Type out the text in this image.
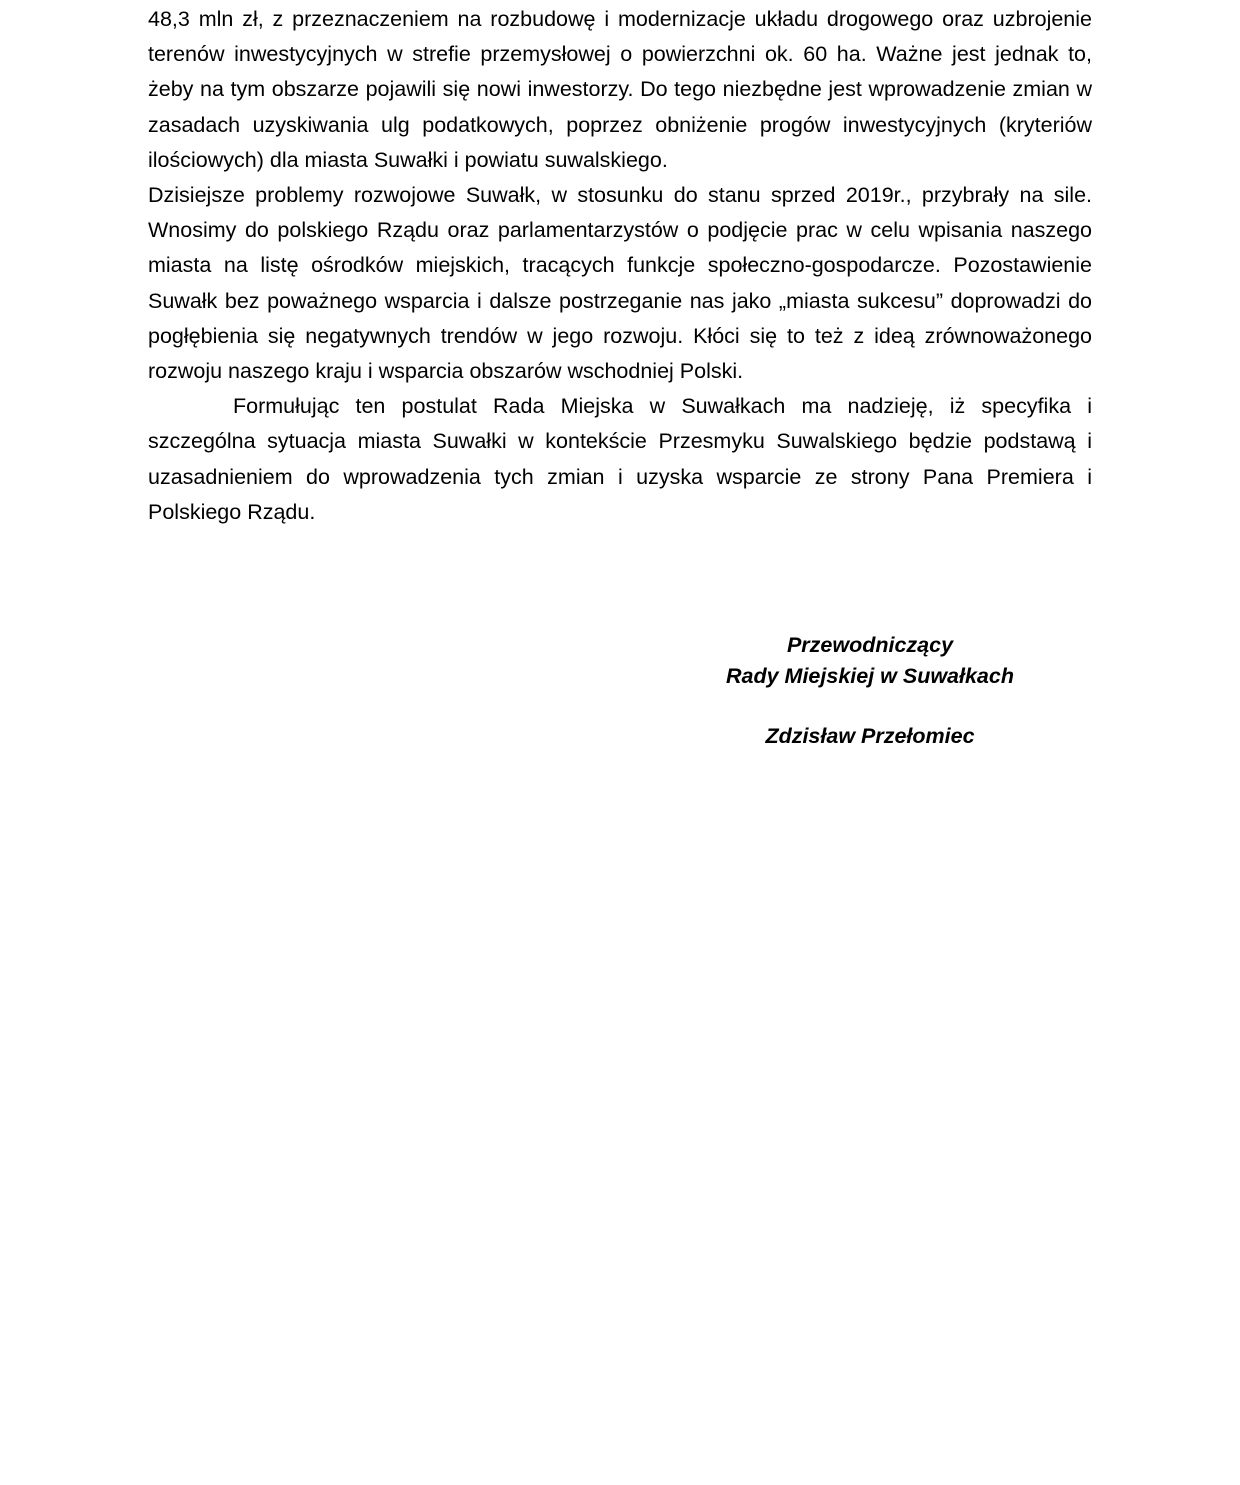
48,3 mln zł, z przeznaczeniem na rozbudowę i modernizacje układu drogowego oraz uzbrojenie terenów inwestycyjnych w strefie przemysłowej o powierzchni ok. 60 ha. Ważne jest jednak to, żeby na tym obszarze pojawili się nowi inwestorzy. Do tego niezbędne jest wprowadzenie zmian w zasadach uzyskiwania ulg podatkowych, poprzez obniżenie progów inwestycyjnych (kryteriów ilościowych) dla miasta Suwałki i powiatu suwalskiego.

Dzisiejsze problemy rozwojowe Suwałk, w stosunku do stanu sprzed 2019r., przybrały na sile. Wnosimy do polskiego Rządu oraz parlamentarzystów o podjęcie prac w celu wpisania naszego miasta na listę ośrodków miejskich, tracących funkcje społeczno-gospodarcze. Pozostawienie Suwałk bez poważnego wsparcia i dalsze postrzeganie nas jako „miasta sukcesu” doprowadzi do pogłębienia się negatywnych trendów w jego rozwoju. Kłóci się to też z ideą zrównoważonego rozwoju naszego kraju i wsparcia obszarów wschodniej Polski.

Formułując ten postulat Rada Miejska w Suwałkach ma nadzieję, iż specyfika i szczególna sytuacja miasta Suwałki w kontekście Przesmyku Suwalskiego będzie podstawą i uzasadnieniem do wprowadzenia tych zmian i uzyska wsparcie ze strony Pana Premiera i Polskiego Rządu.

Przewodniczący
Rady Miejskiej w Suwałkach
Zdzisław Przełomiec
